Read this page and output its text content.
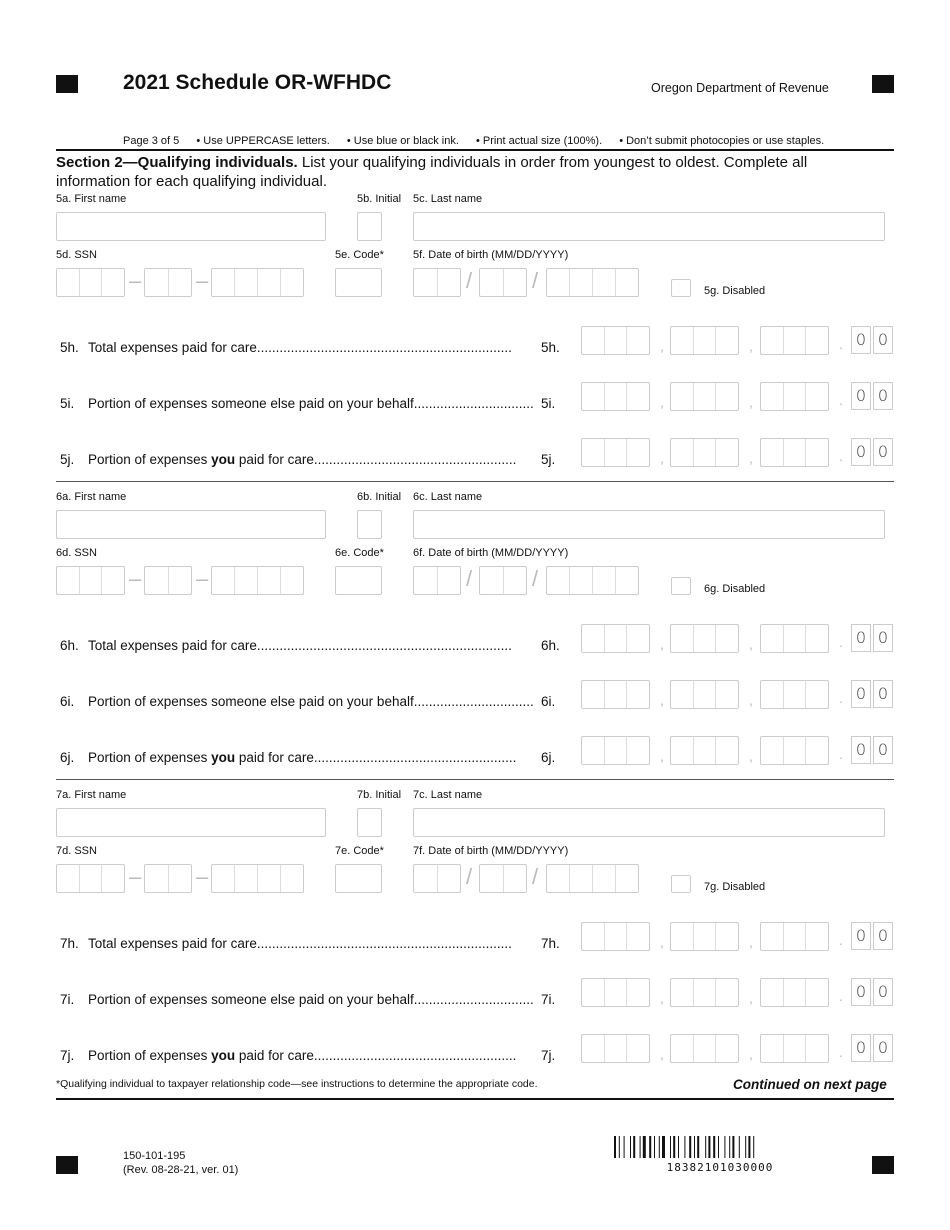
2021 Schedule OR-WFHDC	Oregon Department of Revenue
Page 3 of 5 • Use UPPERCASE letters. • Use blue or black ink. • Print actual size (100%). • Don’t submit photocopies or use staples.
Section 2—Qualifying individuals. List your qualifying individuals in order from youngest to oldest. Complete all information for each qualifying individual.
5a. First name	5b. Initial 5c. Last name
5d. SSN	5e. Code*	5f. Date of birth (MM/DD/YYYY)
– –	/	/	5g. Disabled
5h. Total expenses paid for care.................................................................... 5h.	,	,	. 0 0
5i.	Portion of expenses someone else paid on your behalf................................ 5i.	,	,	. 0 0
5j.	Portion of expenses you paid for care...................................................... 5j.	,	,	. 0 0
6a. First name	6b. Initial 6c. Last name
6d. SSN	6e. Code*	6f. Date of birth (MM/DD/YYYY)
– –	/	/	6g. Disabled
6h. Total expenses paid for care.................................................................... 6h.	,	,	. 0 0
6i.	Portion of expenses someone else paid on your behalf................................ 6i.	,	,	. 0 0
6j.	Portion of expenses you paid for care...................................................... 6j.	,	,	. 0 0
7a. First name	7b. Initial 7c. Last name
7d. SSN	7e. Code*	7f. Date of birth (MM/DD/YYYY)
– –	/	/	7g. Disabled
7h. Total expenses paid for care.................................................................... 7h.	,	,	. 0 0
7i.	Portion of expenses someone else paid on your behalf................................ 7i.	,	,	. 0 0
7j.	Portion of expenses you paid for care...................................................... 7j.	,	,	. 0 0
*Qualifying individual to taxpayer relationship code—see instructions to determine the appropriate code.	Continued on next page
150-101-195
(Rev. 08-28-21, ver. 01)	18382101030000
